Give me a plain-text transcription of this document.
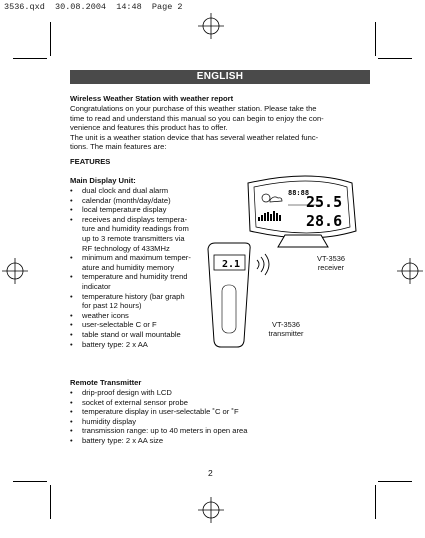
3536.qxd  30.08.2004  14:48  Page 2
ENGLISH
Wireless Weather Station with weather report
Congratulations on your purchase of this weather station. Please take the
time to read and understand this manual so you can begin to enjoy the con-
venience and features this product has to offer.
The unit is a weather station device that has several weather related func-
tions. The main features are:
FEATURES
Main Display Unit:
• dual clock and dual alarm
• calendar (month/day/date)
• local temperature display
• receives and displays tempera-
ture and humidity readings from
up to 3 remote transmitters via
RF technology of 433MHz
• minimum and maximum temper-
ature and humidity memory
• temperature and humidity trend
indicator
• temperature history (bar graph
for past 12 hours)
• weather icons
• user-selectable C or F
• table stand or wall mountable
• battery type: 2 x AA
88:88
25.5
28.6
2.1
VT-3536
receiver
VT-3536
transmitter
Remote Transmitter
• drip-proof design with LCD
• socket of external sensor probe
• temperature display in user-selectable ˚C or ˚F
• humidity display
• transmission range: up to 40 meters in open area
• battery type: 2 x AA size
2
